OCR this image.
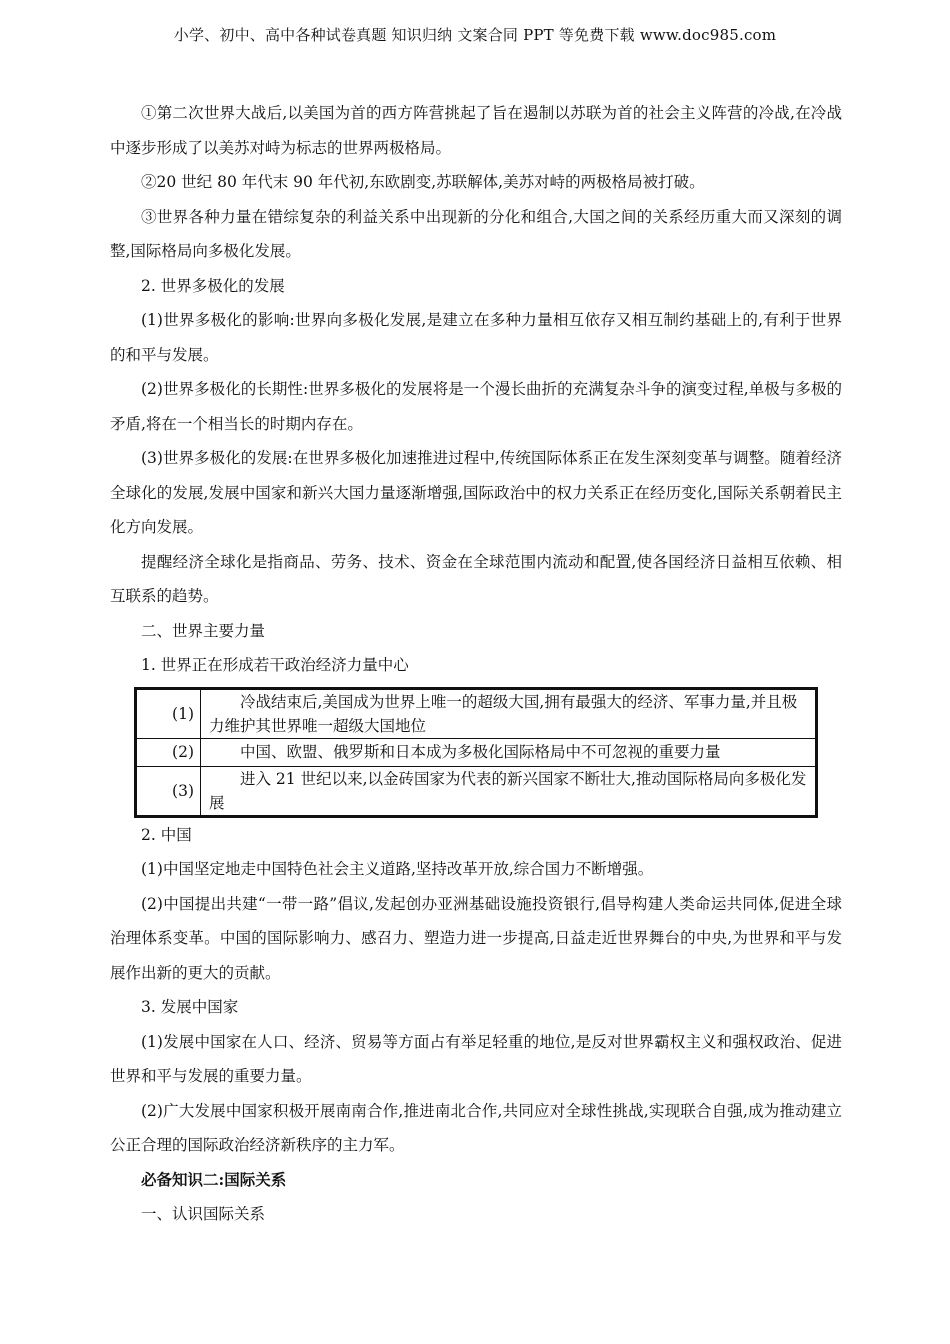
小学、初中、高中各种试卷真题 知识归纳 文案合同 PPT 等免费下载 www.doc985.com

①第二次世界大战后,以美国为首的西方阵营挑起了旨在遏制以苏联为首的社会主义阵营的冷战,在冷战中逐步形成了以美苏对峙为标志的世界两极格局。

②20 世纪 80 年代末 90 年代初,东欧剧变,苏联解体,美苏对峙的两极格局被打破。

③世界各种力量在错综复杂的利益关系中出现新的分化和组合,大国之间的关系经历重大而又深刻的调整,国际格局向多极化发展。

2. 世界多极化的发展

(1)世界多极化的影响:世界向多极化发展,是建立在多种力量相互依存又相互制约基础上的,有利于世界的和平与发展。

(2)世界多极化的长期性:世界多极化的发展将是一个漫长曲折的充满复杂斗争的演变过程,单极与多极的矛盾,将在一个相当长的时期内存在。

(3)世界多极化的发展:在世界多极化加速推进过程中,传统国际体系正在发生深刻变革与调整。随着经济全球化的发展,发展中国家和新兴大国力量逐渐增强,国际政治中的权力关系正在经历变化,国际关系朝着民主化方向发展。

提醒经济全球化是指商品、劳务、技术、资金在全球范围内流动和配置,使各国经济日益相互依赖、相互联系的趋势。

二、世界主要力量

1. 世界正在形成若干政治经济力量中心

(1)	冷战结束后,美国成为世界上唯一的超级大国,拥有最强大的经济、军事力量,并且极力维护其世界唯一超级大国地位
(2)	中国、欧盟、俄罗斯和日本成为多极化国际格局中不可忽视的重要力量
(3)	进入 21 世纪以来,以金砖国家为代表的新兴国家不断壮大,推动国际格局向多极化发展

2. 中国

(1)中国坚定地走中国特色社会主义道路,坚持改革开放,综合国力不断增强。

(2)中国提出共建“一带一路”倡议,发起创办亚洲基础设施投资银行,倡导构建人类命运共同体,促进全球治理体系变革。中国的国际影响力、感召力、塑造力进一步提高,日益走近世界舞台的中央,为世界和平与发展作出新的更大的贡献。

3. 发展中国家

(1)发展中国家在人口、经济、贸易等方面占有举足轻重的地位,是反对世界霸权主义和强权政治、促进世界和平与发展的重要力量。

(2)广大发展中国家积极开展南南合作,推进南北合作,共同应对全球性挑战,实现联合自强,成为推动建立公正合理的国际政治经济新秩序的主力军。

必备知识二:国际关系

一、认识国际关系
